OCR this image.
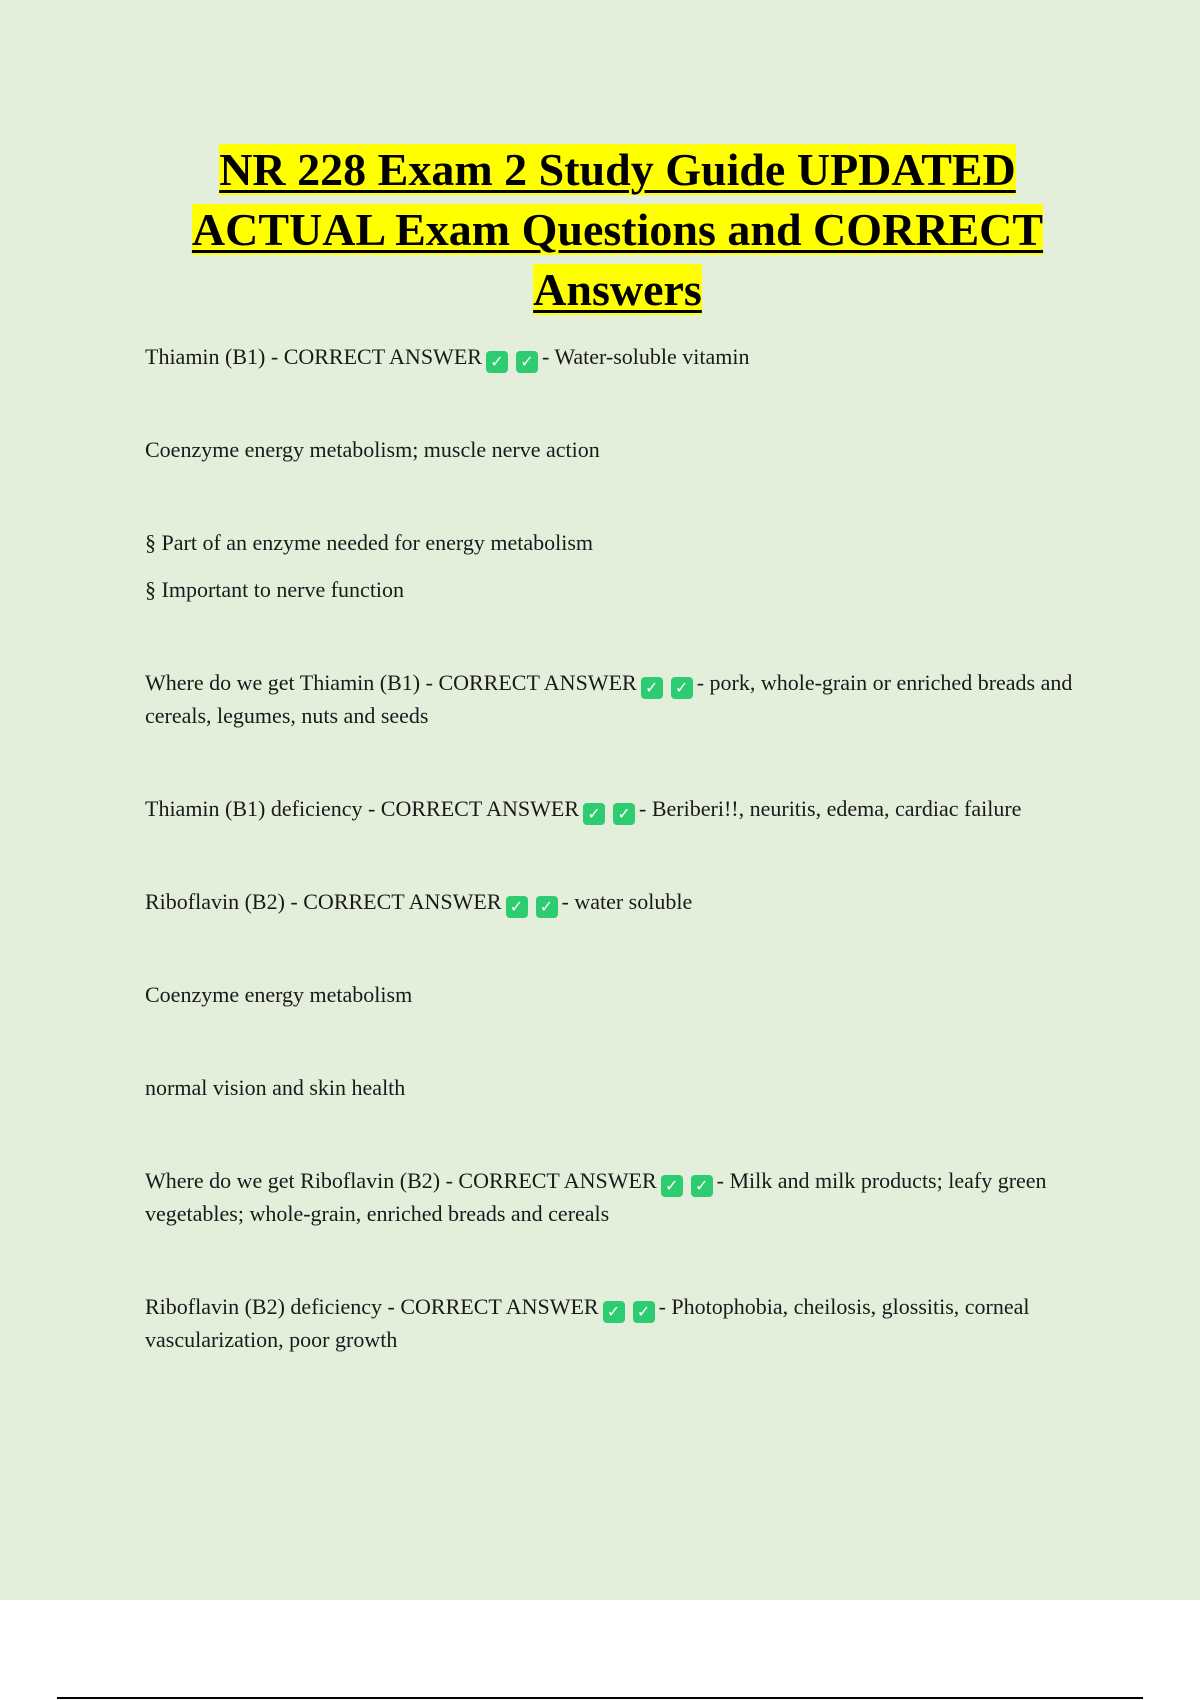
NR 228 Exam 2 Study Guide UPDATED ACTUAL Exam Questions and CORRECT Answers

Thiamin (B1) - CORRECT ANSWER ✓ ✓ - Water-soluble vitamin

Coenzyme energy metabolism; muscle nerve action

§ Part of an enzyme needed for energy metabolism

§ Important to nerve function

Where do we get Thiamin (B1) - CORRECT ANSWER ✓ ✓ - pork, whole-grain or enriched breads and cereals, legumes, nuts and seeds

Thiamin (B1) deficiency - CORRECT ANSWER ✓ ✓ - Beriberi!!, neuritis, edema, cardiac failure

Riboflavin (B2) - CORRECT ANSWER ✓ ✓ - water soluble

Coenzyme energy metabolism

normal vision and skin health

Where do we get Riboflavin (B2) - CORRECT ANSWER ✓ ✓ - Milk and milk products; leafy green vegetables; whole-grain, enriched breads and cereals

Riboflavin (B2) deficiency - CORRECT ANSWER ✓ ✓ - Photophobia, cheilosis, glossitis, corneal vascularization, poor growth
